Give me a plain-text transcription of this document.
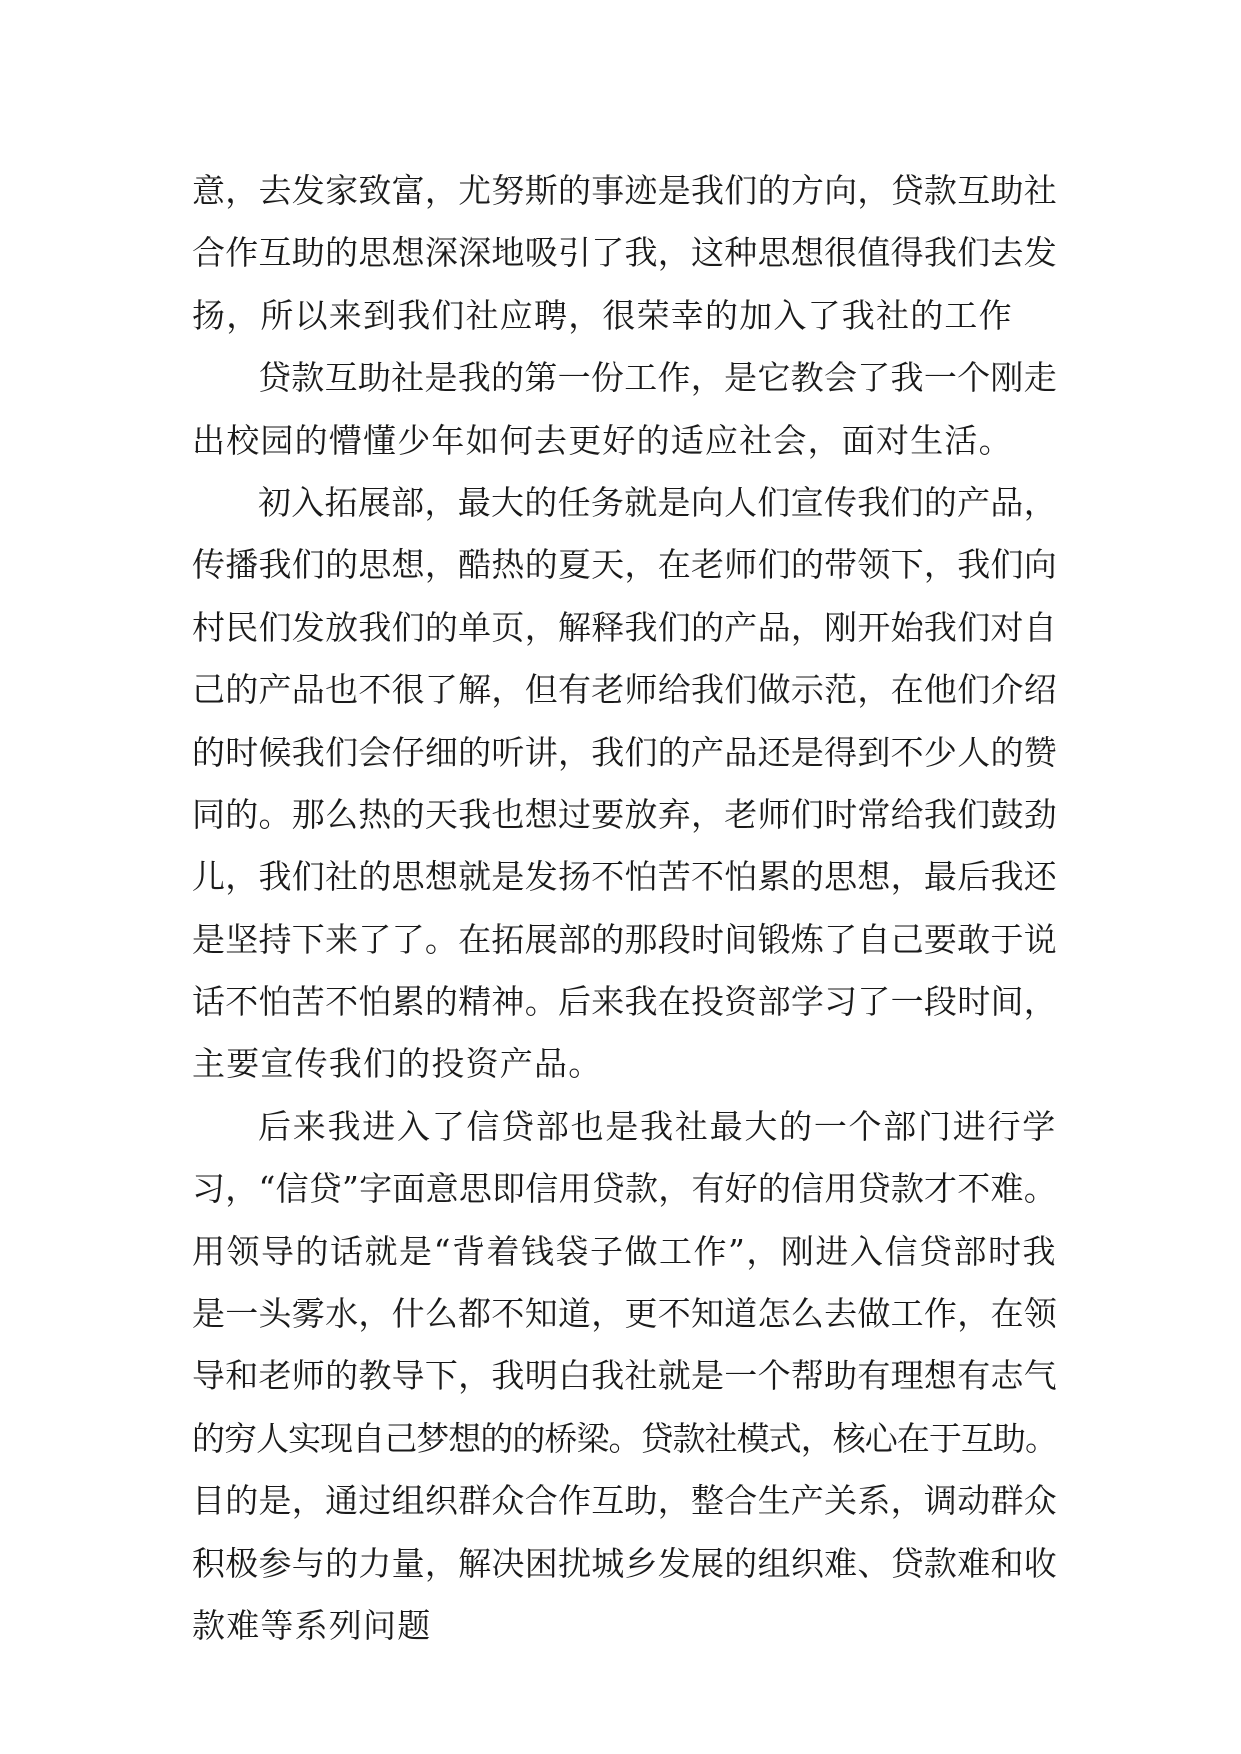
意，去发家致富，尤努斯的事迹是我们的方向，贷款互助社
合作互助的思想深深地吸引了我，这种思想很值得我们去发
扬，所以来到我们社应聘，很荣幸的加入了我社的工作
贷款互助社是我的第一份工作，是它教会了我一个刚走
出校园的懵懂少年如何去更好的适应社会，面对生活。
初入拓展部，最大的任务就是向人们宣传我们的产品，
传播我们的思想，酷热的夏天，在老师们的带领下，我们向
村民们发放我们的单页，解释我们的产品，刚开始我们对自
己的产品也不很了解，但有老师给我们做示范，在他们介绍
的时候我们会仔细的听讲，我们的产品还是得到不少人的赞
同的。那么热的天我也想过要放弃，老师们时常给我们鼓劲
儿，我们社的思想就是发扬不怕苦不怕累的思想，最后我还
是坚持下来了了。在拓展部的那段时间锻炼了自己要敢于说
话不怕苦不怕累的精神。后来我在投资部学习了一段时间，
主要宣传我们的投资产品。
后来我进入了信贷部也是我社最大的一个部门进行学
习，“信贷”字面意思即信用贷款，有好的信用贷款才不难。
用领导的话就是“背着钱袋子做工作”，刚进入信贷部时我
是一头雾水，什么都不知道，更不知道怎么去做工作，在领
导和老师的教导下，我明白我社就是一个帮助有理想有志气
的穷人实现自己梦想的的桥梁。贷款社模式，核心在于互助。
目的是，通过组织群众合作互助，整合生产关系，调动群众
积极参与的力量，解决困扰城乡发展的组织难、贷款难和收
款难等系列问题
